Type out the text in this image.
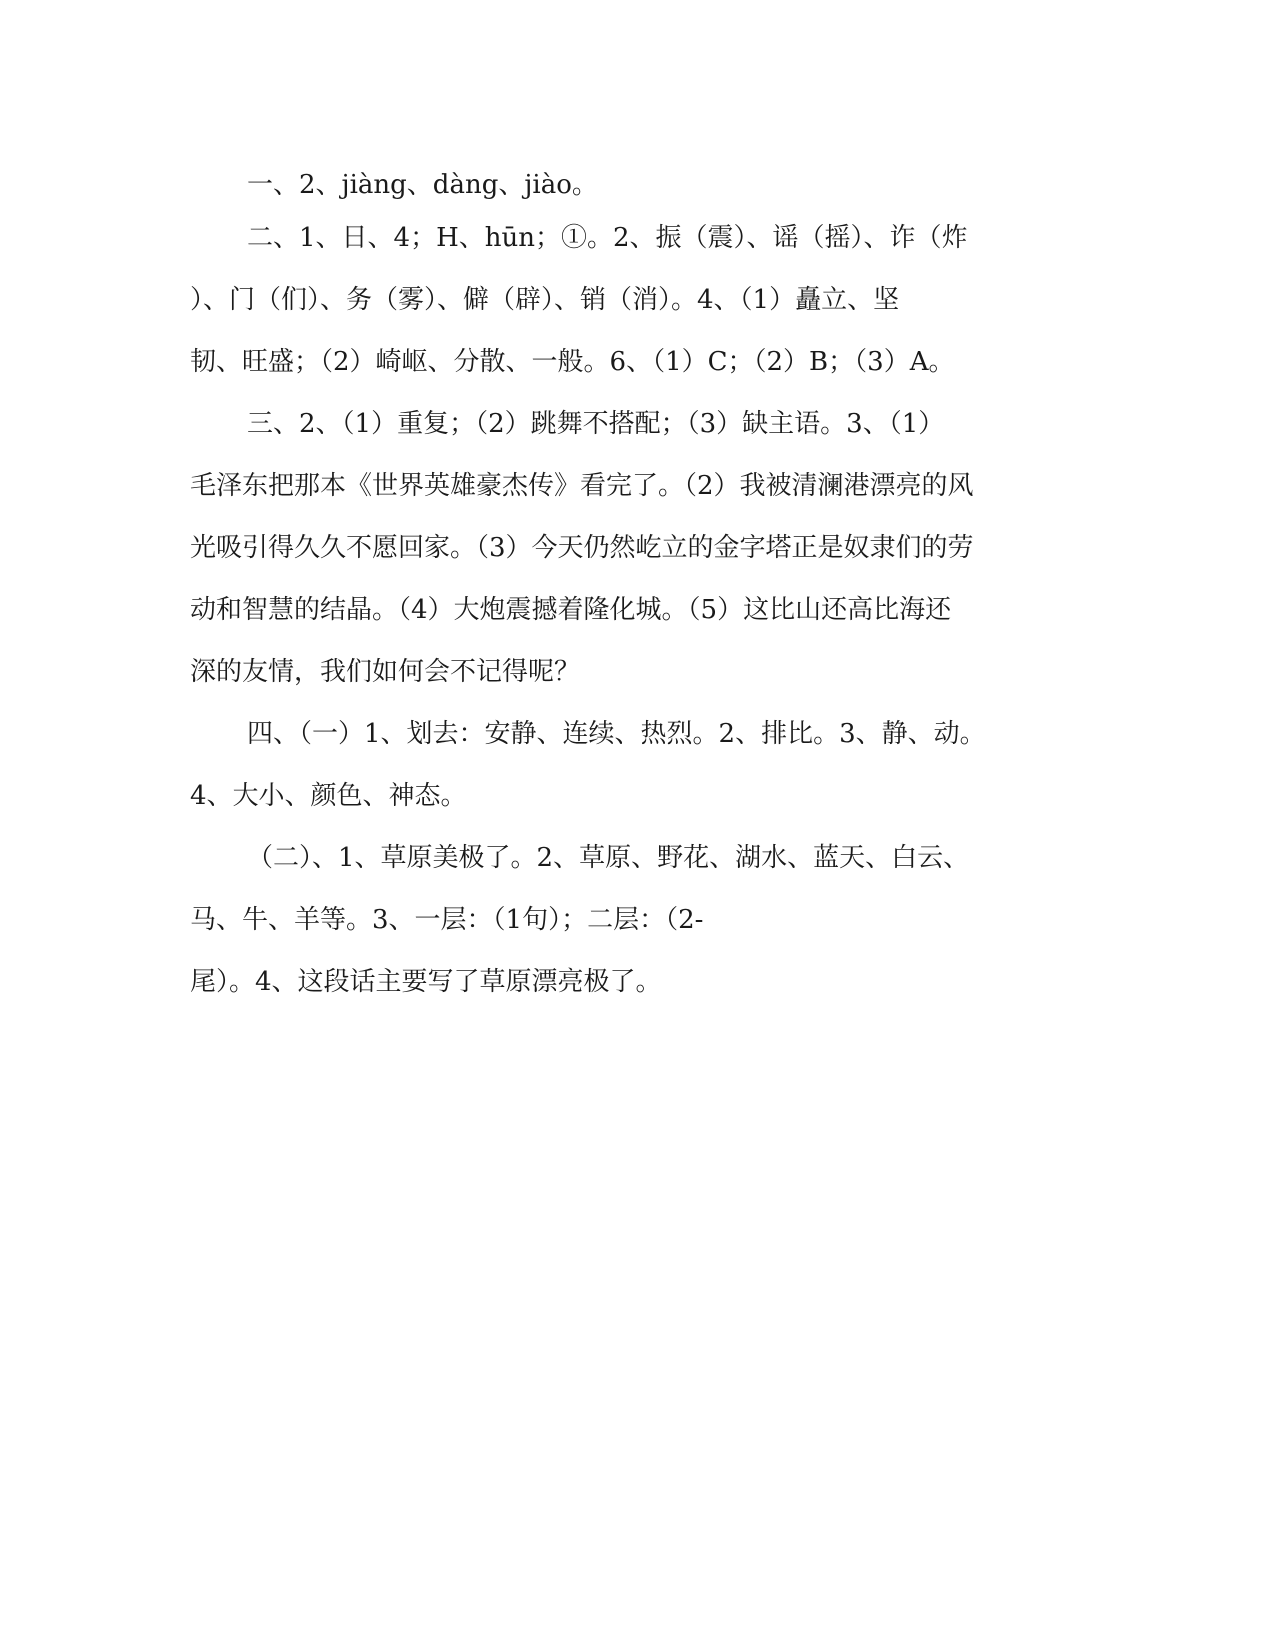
一、2、jiàng、dàng、jiào。
二、1、日、4；H、hūn；①。2、振（震）、谣（摇）、诈（炸
）、门（们）、务（雾）、僻（辟）、销（消）。4、（1）矗立、坚
韧、旺盛；（2）崎岖、分散、一般。6、（1）C；（2）B；（3）A。
三、2、（1）重复；（2）跳舞不搭配；（3）缺主语。3、（1）
毛泽东把那本《世界英雄豪杰传》看完了。（2）我被清澜港漂亮的风
光吸引得久久不愿回家。（3）今天仍然屹立的金字塔正是奴隶们的劳
动和智慧的结晶。（4）大炮震撼着隆化城。（5）这比山还高比海还
深的友情，我们如何会不记得呢？
四、（一）1、划去：安静、连续、热烈。2、排比。3、静、动。
4、大小、颜色、神态。
（二）、1、草原美极了。2、草原、野花、湖水、蓝天、白云、
马、牛、羊等。3、一层：（1句）；二层：（2-
尾）。4、这段话主要写了草原漂亮极了。
